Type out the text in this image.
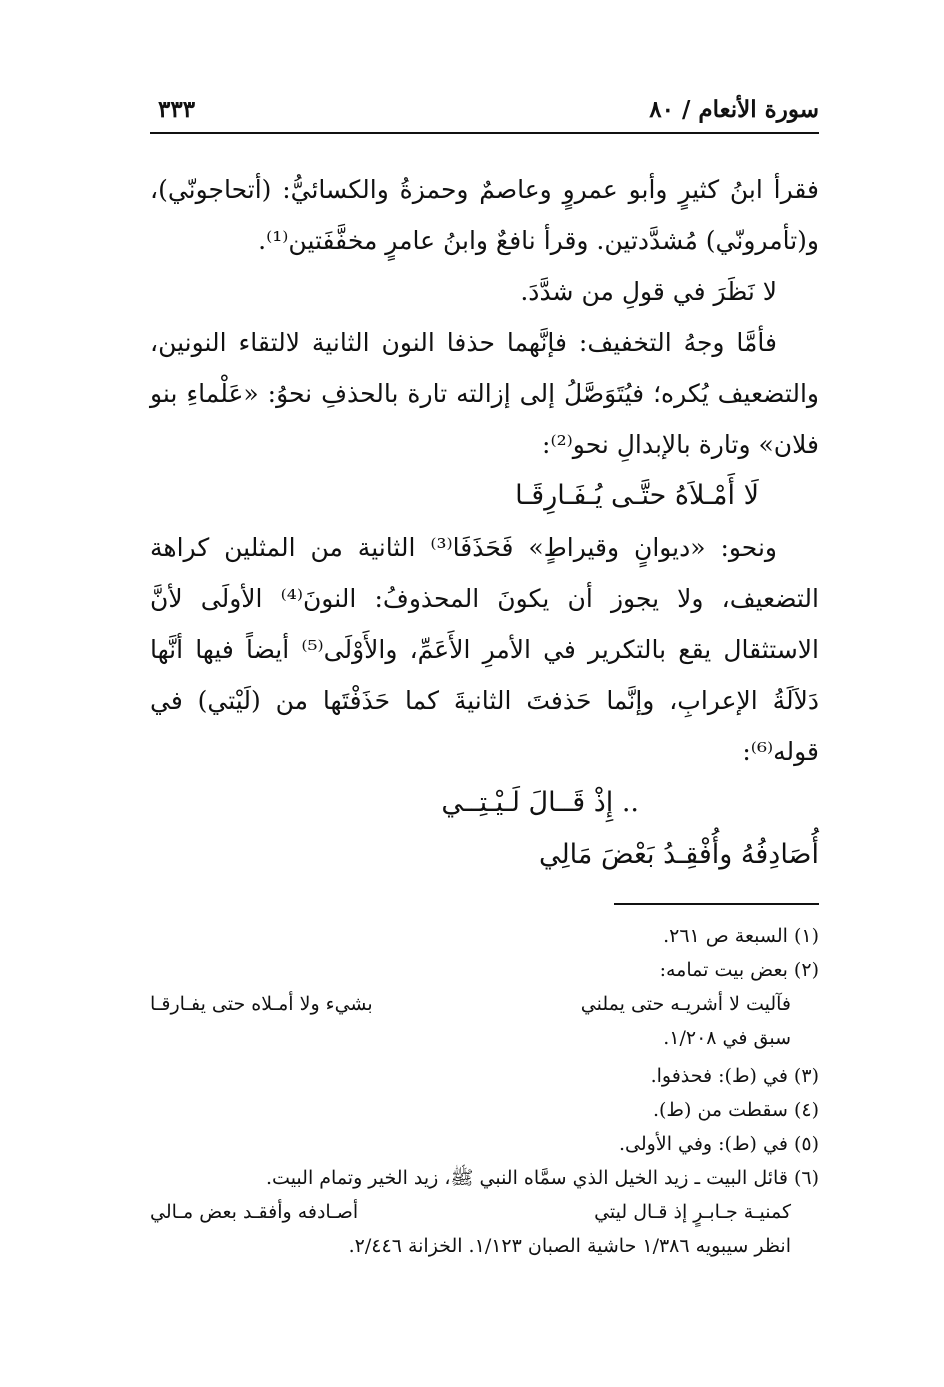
سورة الأنعام / ٨٠
٣٣٣

فقرأ ابنُ كثيرٍ وأبو عمروٍ وعاصمٌ وحمزةُ والكسائيُّ: (أتحاجونّي)، و(تأمرونّي) مُشدَّدتين. وقرأ نافعٌ وابنُ عامرٍ مخفَّفَتين⁽¹⁾.

لا نَظَرَ في قولِ من شدَّدَ.

فأمَّا وجهُ التخفيف: فإنَّهما حذفا النون الثانية لالتقاء النونين، والتضعيف يُكره؛ فيُتَوَصَّلُ إلى إزالته تارة بالحذفِ نحوُ: «عَلْماءِ بنو فلان» وتارة بالإبدالِ نحو⁽²⁾:

لَا أَمْـلاَهُ حتَّـى يُـفَـارِقَـا

ونحو: «ديوانٍ وقيراطٍ» فَحَذَفَا⁽³⁾ الثانية من المثلين كراهة التضعيف، ولا يجوز أن يكونَ المحذوفُ: النونَ⁽⁴⁾ الأولَى لأنَّ الاستثقال يقع بالتكرير في الأمرِ الأَعَمِّ، والأَوْلَى⁽⁵⁾ أيضاً فيها أنَّها دَلاَلَةُ الإعرابِ، وإنَّما حَذفتَ الثانيةَ كما حَذَفْتَها من (لَيْتي) في قوله⁽⁶⁾:

.. إِذْ قَــالَ لَـيْـتِــي

أُصَادِفُهُ وأُفْقِـدُ بَعْضَ مَالِي

(١) السبعة ص ٢٦١.

(٢) بعض بيت تمامه:

فآليت لا أشريـه حتى يملني
بشيء ولا أمـلاه حتى يفـارقـا

سبق في ١/٢٠٨.

(٣) في (ط): فحذفوا.

(٤) سقطت من (ط).

(٥) في (ط): وفي الأولى.

(٦) قائل البيت ـ زيد الخيل الذي سمَّاه النبي ﷺ، زيد الخير وتمام البيت.

كمنيـة جـابـرٍ إذ قـال ليتي
أصـادفه وأفقـد بعض مـالي

انظر سيبويه ١/٣٨٦ حاشية الصبان ١/١٢٣. الخزانة ٢/٤٤٦.
